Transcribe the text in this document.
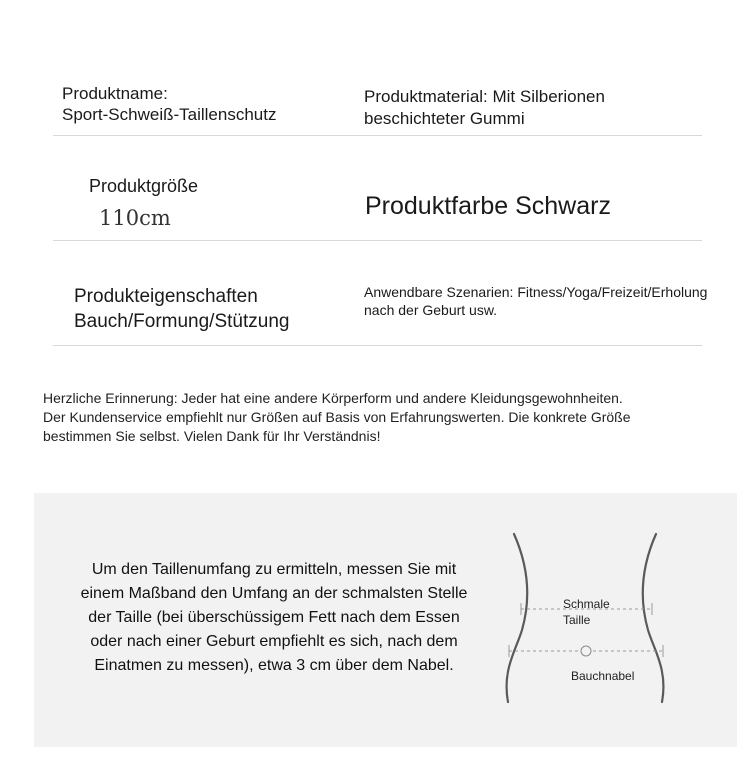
Produktname:
Sport-Schweiß-Taillenschutz
Produktmaterial: Mit Silberionen
beschichteter Gummi
Produktgröße
110cm	Produktfarbe Schwarz
Produkteigenschaften
Bauch/Formung/Stützung
Anwendbare Szenarien: Fitness/Yoga/Freizeit/Erholung
nach der Geburt usw.
Herzliche Erinnerung: Jeder hat eine andere Körperform und andere Kleidungsgewohnheiten.
Der Kundenservice empfiehlt nur Größen auf Basis von Erfahrungswerten. Die konkrete Größe
bestimmen Sie selbst. Vielen Dank für Ihr Verständnis!
Um den Taillenumfang zu ermitteln, messen Sie mit
einem Maßband den Umfang an der schmalsten Stelle
der Taille (bei überschüssigem Fett nach dem Essen
oder nach einer Geburt empfiehlt es sich, nach dem
Einatmen zu messen), etwa 3 cm über dem Nabel.
Schmale
Taille
Bauchnabel
